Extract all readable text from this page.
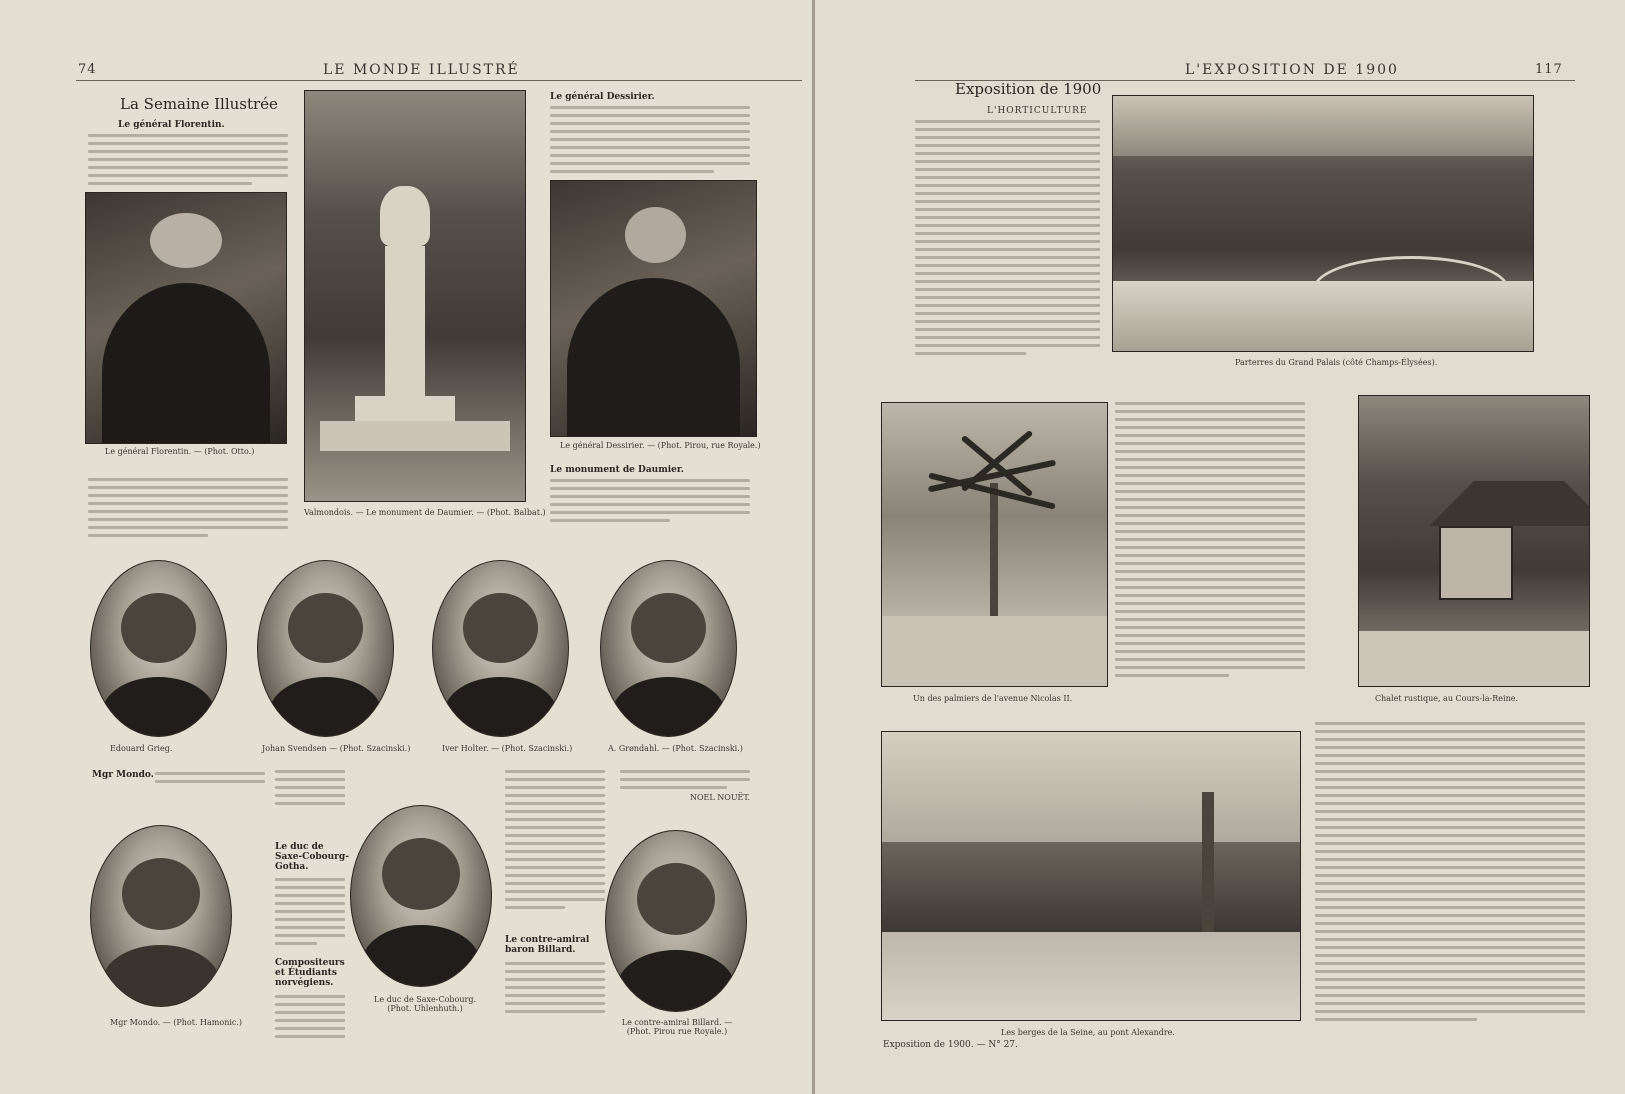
74	LE MONDE ILLUSTRÉ
La Semaine Illustrée
Le général Florentin.
Le général Florentin. — (Phot. Otto.)
Valmondois. — Le monument de Daumier. — (Phot. Balbat.)
Le général Dessirier.
Le général Dessirier. — (Phot. Pirou, rue Royale.)
Le monument de Daumier.
Edouard Grieg.	Johan Svendsen — (Phot. Szacinski.)	Iver Holter. — (Phot. Szacinski.)	A. Grøndahl. — (Phot. Szacinski.)
Mgr Mondo.
Mgr Mondo. — (Phot. Hamonic.)
Le duc de Saxe-Cobourg-Gotha.
Compositeurs et Étudiants norvégiens.
Le duc de Saxe-Cobourg. (Phot. Uhlenhuth.)
Le contre-amiral baron Billard.
NOEL NOUËT.
Le contre-amiral Billard. — (Phot. Pirou rue Royale.)
L'EXPOSITION DE 1900	117
Exposition de 1900
L'HORTICULTURE
Parterres du Grand Palais (côté Champs-Élysées).
Un des palmiers de l'avenue Nicolas II.	Chalet rustique, au Cours-la-Reine.
Les berges de la Seine, au pont Alexandre.
Exposition de 1900. — N° 27.
